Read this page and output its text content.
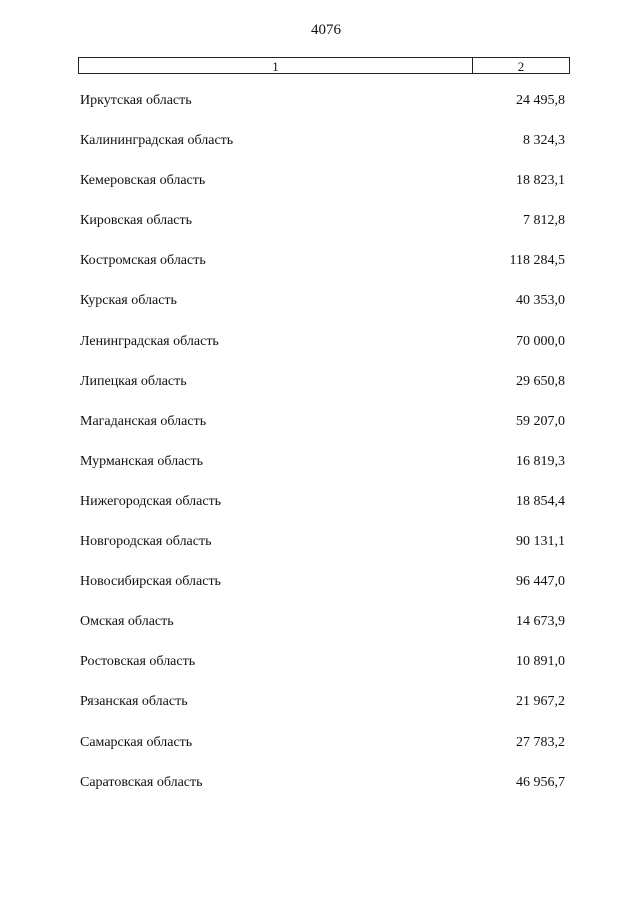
4076
1	2
Иркутская область	24 495,8
Калининградская область	8 324,3
Кемеровская область	18 823,1
Кировская область	7 812,8
Костромская область	118 284,5
Курская область	40 353,0
Ленинградская область	70 000,0
Липецкая область	29 650,8
Магаданская область	59 207,0
Мурманская область	16 819,3
Нижегородская область	18 854,4
Новгородская область	90 131,1
Новосибирская область	96 447,0
Омская область	14 673,9
Ростовская область	10 891,0
Рязанская область	21 967,2
Самарская область	27 783,2
Саратовская область	46 956,7
